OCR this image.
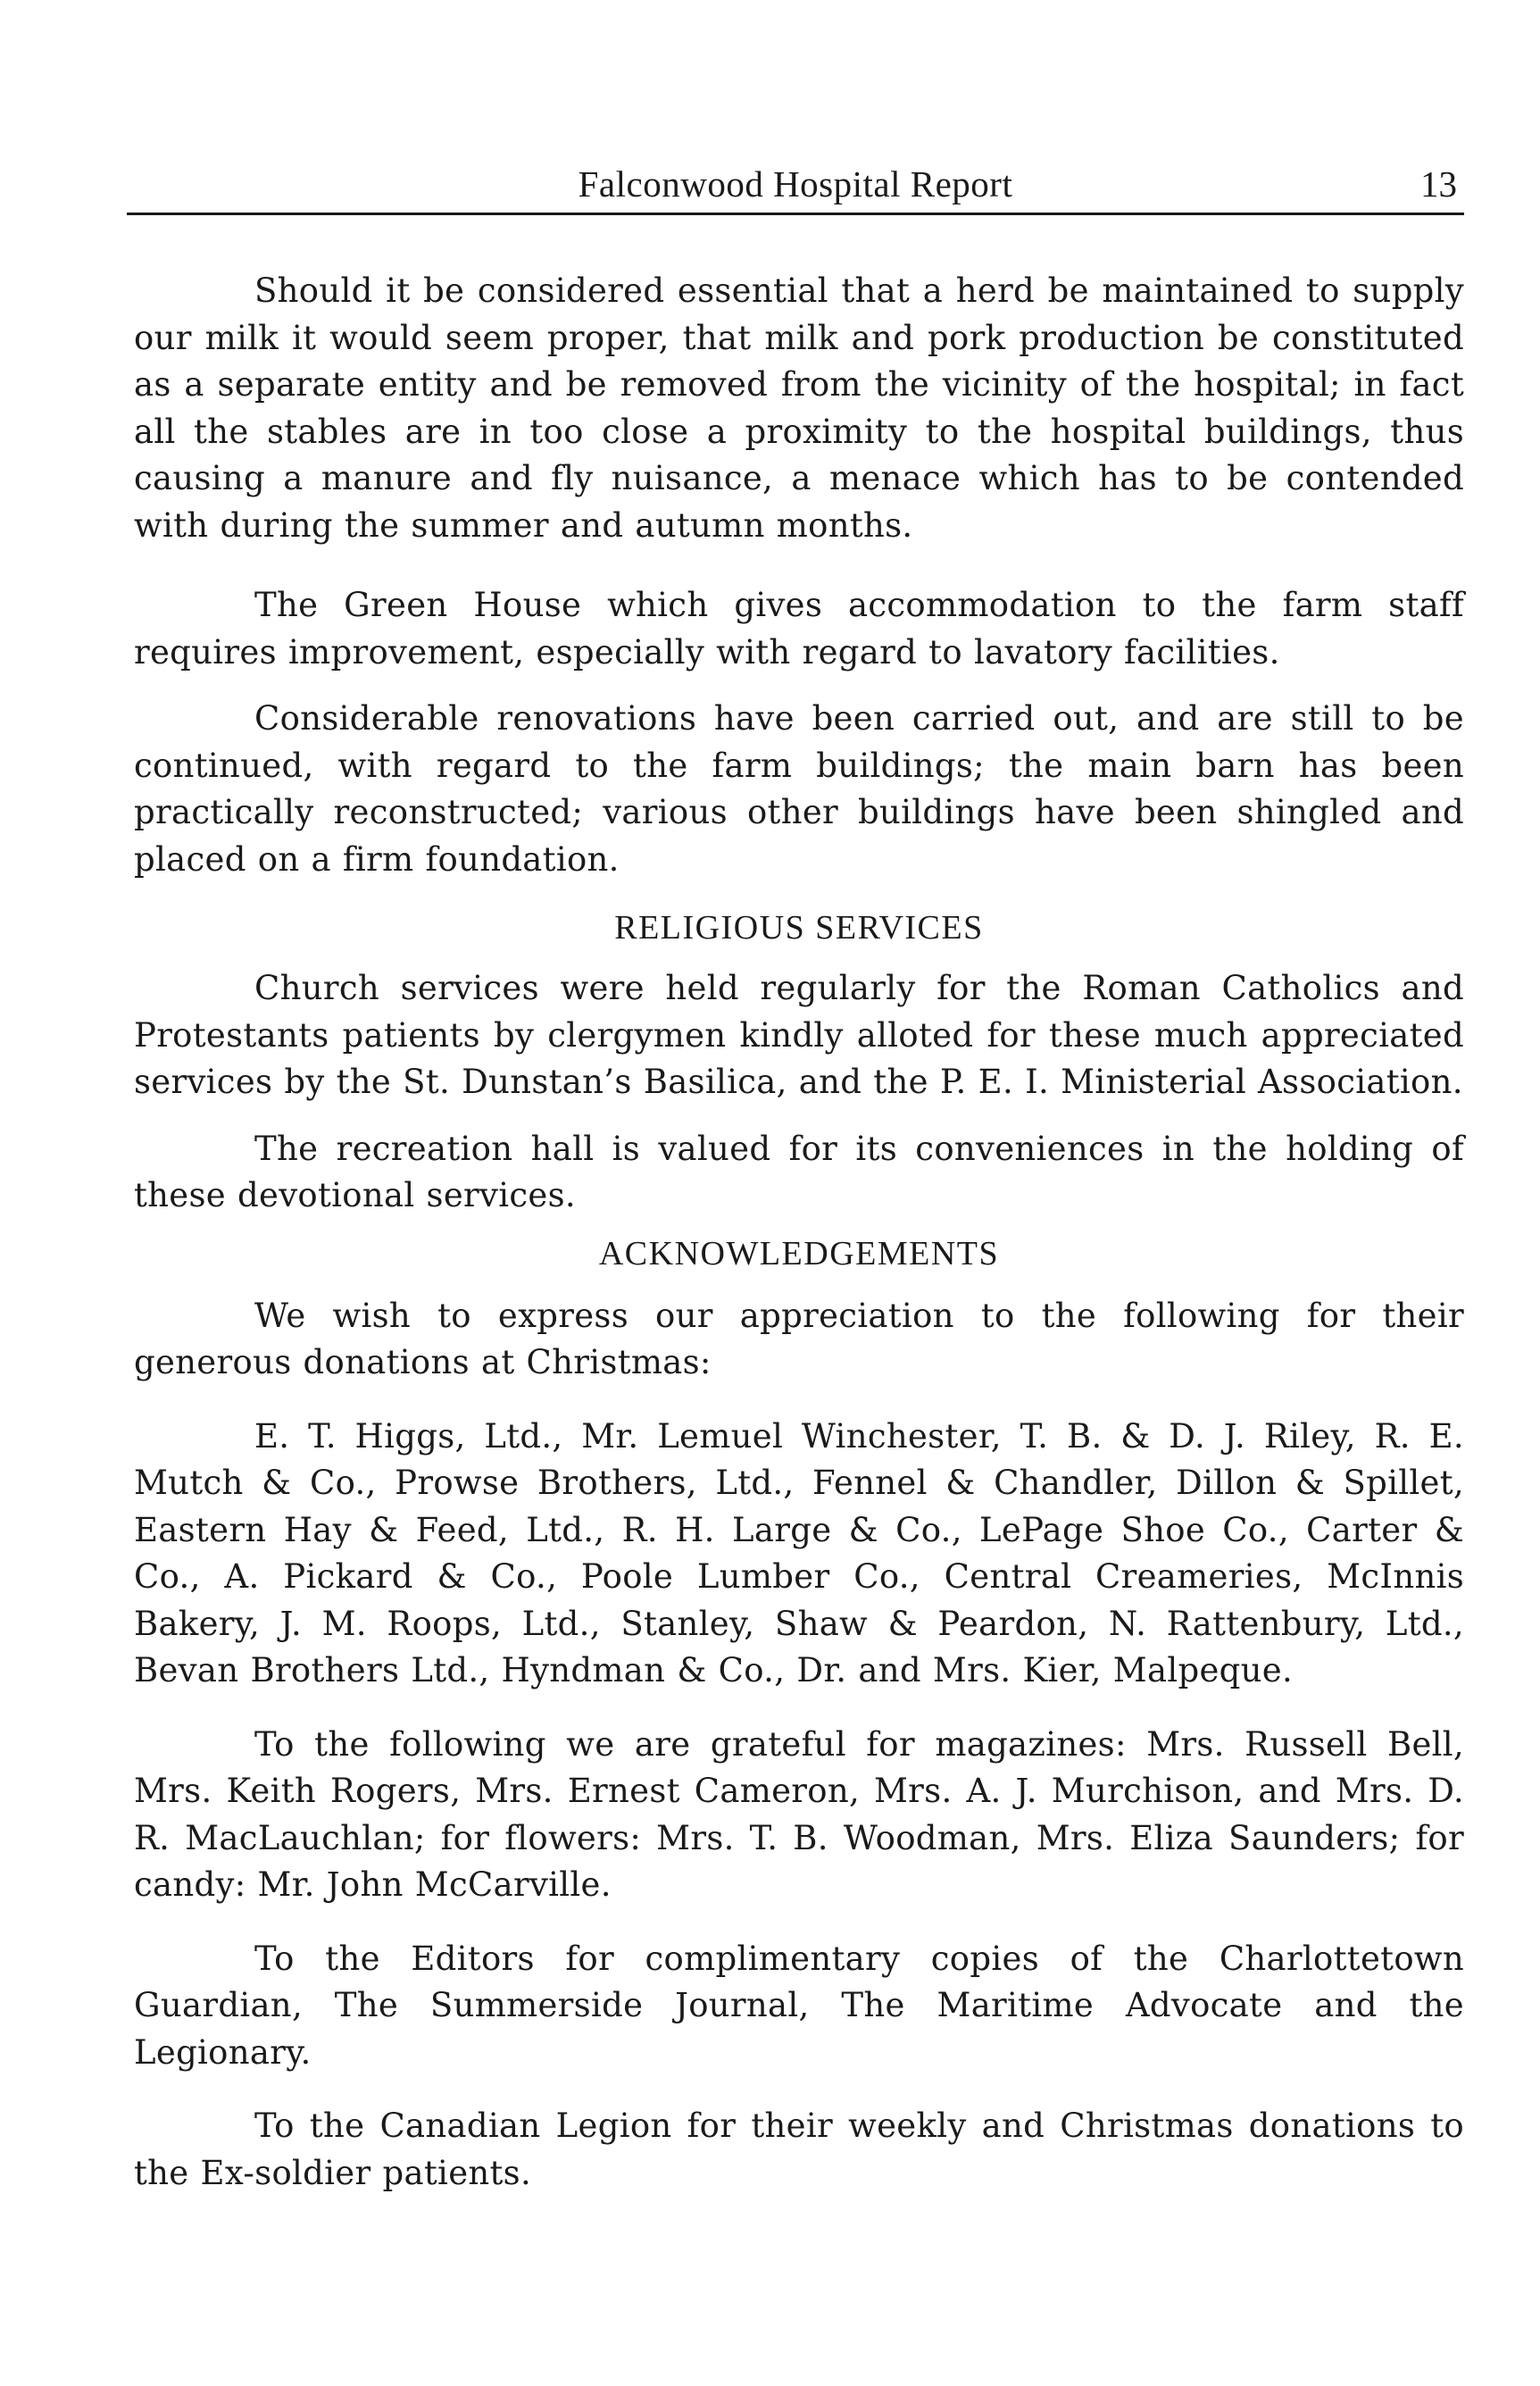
Falconwood Hospital Report	13

Should it be considered essential that a herd be maintained to supply our milk it would seem proper, that milk and pork production be constituted as a separate entity and be removed from the vicinity of the hospital; in fact all the stables are in too close a proximity to the hospital buildings, thus causing a manure and fly nuisance, a menace which has to be contended with during the summer and autumn months.

The Green House which gives accommodation to the farm staff requires improvement, especially with regard to lavatory facilities.

Considerable renovations have been carried out, and are still to be continued, with regard to the farm buildings; the main barn has been practically reconstructed; various other buildings have been shingled and placed on a firm foundation.

RELIGIOUS SERVICES

Church services were held regularly for the Roman Catholics and Protestants patients by clergymen kindly alloted for these much appreciated services by the St. Dunstan’s Basilica, and the P. E. I. Ministerial Association.

The recreation hall is valued for its conveniences in the holding of these devotional services.

ACKNOWLEDGEMENTS

We wish to express our appreciation to the following for their generous donations at Christmas:

E. T. Higgs, Ltd., Mr. Lemuel Winchester, T. B. & D. J. Riley, R. E. Mutch & Co., Prowse Brothers, Ltd., Fennel & Chandler, Dillon & Spillet, Eastern Hay & Feed, Ltd., R. H. Large & Co., LePage Shoe Co., Carter & Co., A. Pickard & Co., Poole Lumber Co., Central Creameries, McInnis Bakery, J. M. Roops, Ltd., Stanley, Shaw & Peardon, N. Rattenbury, Ltd., Bevan Brothers Ltd., Hyndman & Co., Dr. and Mrs. Kier, Malpeque.

To the following we are grateful for magazines: Mrs. Russell Bell, Mrs. Keith Rogers, Mrs. Ernest Cameron, Mrs. A. J. Murchison, and Mrs. D. R. MacLauchlan; for flowers: Mrs. T. B. Woodman, Mrs. Eliza Saunders; for candy: Mr. John McCarville.

To the Editors for complimentary copies of the Charlottetown Guardian, The Summerside Journal, The Maritime Advocate and the Legionary.

To the Canadian Legion for their weekly and Christmas donations to the Ex-soldier patients.
